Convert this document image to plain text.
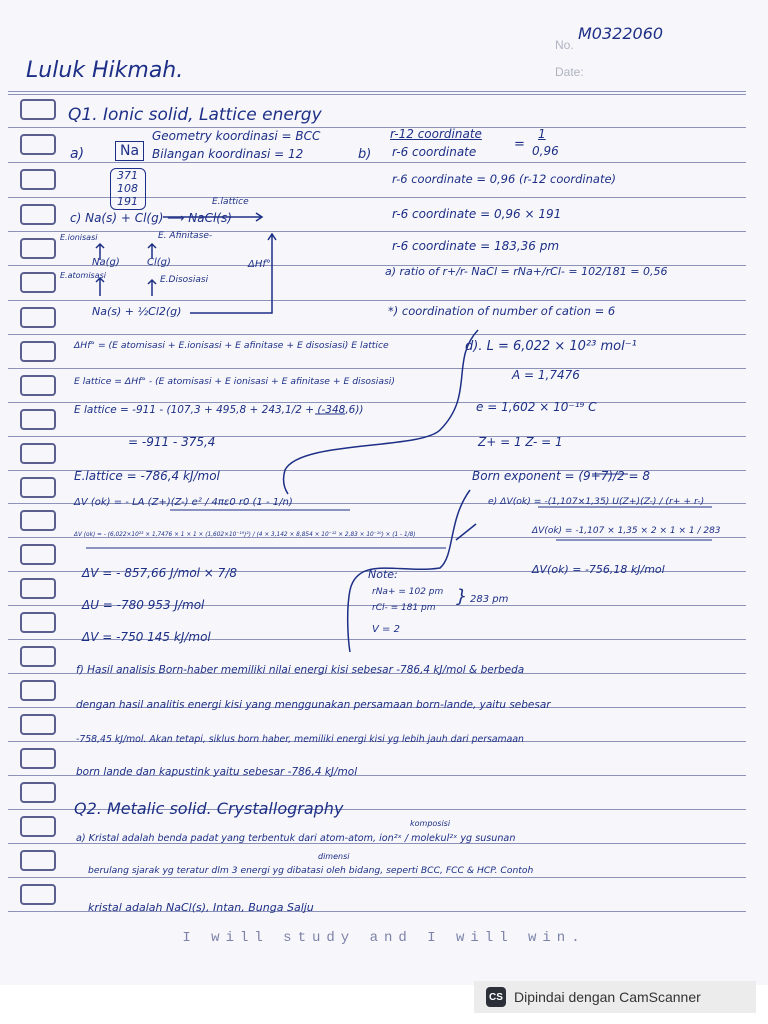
No.
M0322060
Luluk Hikmah.	Date:
Q1. Ionic solid, Lattice energy
a)	Na
371
108
191
Geometry koordinasi = BCC
Bilangan koordinasi = 12	b)
r-12 coordinate
r-6 coordinate	=
1
0,96
r-6 coordinate = 0,96 (r-12 coordinate)
r-6 coordinate = 0,96 × 191
r-6 coordinate = 183,36 pm
a) ratio of r+/r- NaCl = rNa+/rCl- = 102/181 = 0,56
*) coordination of number of cation = 6
E.lattice
c) Na(s) + Cl(g) ⟶ NaCl(s)
E.ionisasi	E. Afinitase-
Na(g)	Cl(g)
E.atomisasi	E.Disosiasi
ΔHf°
Na(s) + ½Cl2(g)
ΔHf° = (E atomisasi + E.ionisasi + E afinitase + E disosiasi) E lattice
E lattice = ΔHf° - (E atomisasi + E ionisasi + E afinitase + E disosiasi)
E lattice = -911 - (107,3 + 495,8 + 243,1/2 + (-348,6))
= -911 - 375,4
E.lattice = -786,4 kJ/mol
d). L = 6,022 × 10²³ mol⁻¹
A = 1,7476
e = 1,602 × 10⁻¹⁹ C
Z+ = 1 Z- = 1
Born exponent = (9+7)/2 = 8
e) ΔV(ok) = -(1,107×1,35) U(Z+)(Z-) / (r+ + r-)
ΔV(ok) = -1,107 × 1,35 × 2 × 1 × 1 / 283
ΔV(ok) = -756,18 kJ/mol
ΔV (ok) = - LA (Z+)(Z-) e² / 4πε0 r0 (1 - 1/n)
ΔV (ok) = - (6,022×10²³ × 1,7476 × 1 × 1 × (1,602×10⁻¹⁹)²) / (4 × 3,142 × 8,854 × 10⁻¹² × 2,83 × 10⁻¹⁰) × (1 - 1/8)
ΔV = - 857,66 J/mol × 7/8
ΔU = -780 953 J/mol
ΔV = -750 145 kJ/mol
Note:
rNa+ = 102 pm
rCl- = 181 pm
} 283 pm
V = 2
f) Hasil analisis Born-haber memiliki nilai energi kisi sebesar -786,4 kJ/mol & berbeda
dengan hasil analitis energi kisi yang menggunakan persamaan born-lande, yaitu sebesar
-758,45 kJ/mol. Akan tetapi, siklus born haber, memiliki energi kisi yg lebih jauh dari persamaan
born lande dan kapustink yaitu sebesar -786,4 kJ/mol
Q2. Metalic solid. Crystallography
komposisi
a) Kristal adalah benda padat yang terbentuk dari atom-atom, ion²ˣ / molekul²ˣ yg susunan
dimensi
berulang sjarak yg teratur dlm 3 energi yg dibatasi oleh bidang, seperti BCC, FCC & HCP. Contoh
kristal adalah NaCl(s), Intan, Bunga Salju
I will study and I will win.
CS Dipindai dengan CamScanner
